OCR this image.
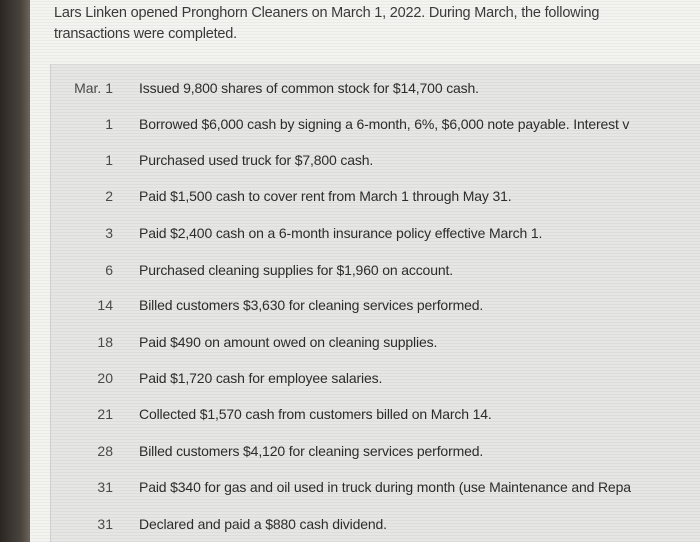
Lars Linken opened Pronghorn Cleaners on March 1, 2022. During March, the following
transactions were completed.
Mar. 1 Issued 9,800 shares of common stock for $14,700 cash.
1 Borrowed $6,000 cash by signing a 6-month, 6%, $6,000 note payable. Interest v
1 Purchased used truck for $7,800 cash.
2 Paid $1,500 cash to cover rent from March 1 through May 31.
3 Paid $2,400 cash on a 6-month insurance policy effective March 1.
6 Purchased cleaning supplies for $1,960 on account.
14 Billed customers $3,630 for cleaning services performed.
18 Paid $490 on amount owed on cleaning supplies.
20 Paid $1,720 cash for employee salaries.
21 Collected $1,570 cash from customers billed on March 14.
28 Billed customers $4,120 for cleaning services performed.
31 Paid $340 for gas and oil used in truck during month (use Maintenance and Repa
31 Declared and paid a $880 cash dividend.
